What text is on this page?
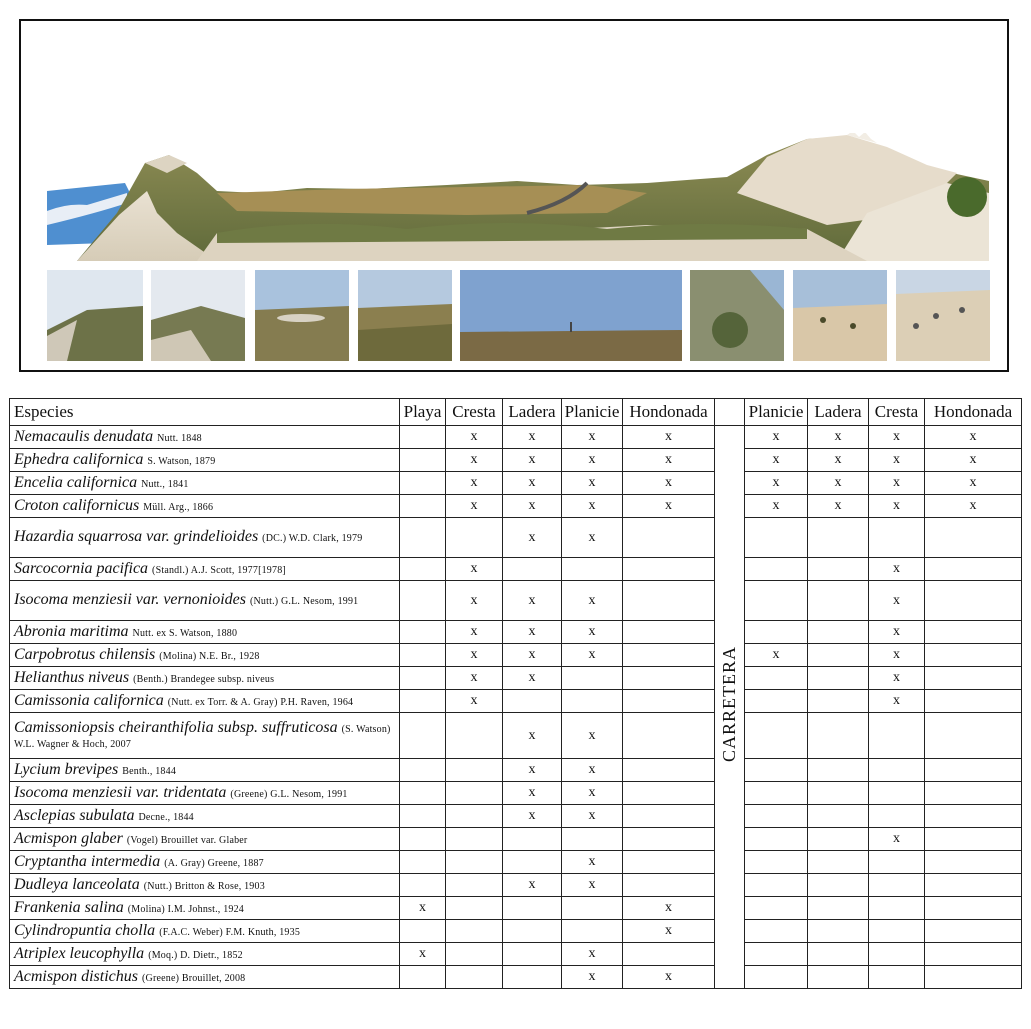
Especies	Playa	Cresta	Ladera	Planicie	Hondonada		Planicie	Ladera	Cresta	Hondonada
Nemacaulis denudata Nutt. 1848		x	x	x	x	CARRETERA	x	x	x	x
Ephedra californica S. Watson, 1879		x	x	x	x		x	x	x	x
Encelia californica Nutt., 1841		x	x	x	x		x	x	x	x
Croton californicus Müll. Arg., 1866		x	x	x	x		x	x	x	x
Hazardia squarrosa var. grindelioides (DC.) W.D. Clark, 1979			x	x						
Sarcocornia pacifica (Standl.) A.J. Scott, 1977[1978]		x							x	
Isocoma menziesii var. vernonioides (Nutt.) G.L. Nesom, 1991		x	x	x					x	
Abronia maritima Nutt. ex S. Watson, 1880		x	x	x					x	
Carpobrotus chilensis (Molina) N.E. Br., 1928		x	x	x			x		x	
Helianthus niveus (Benth.) Brandegee subsp. niveus		x	x						x	
Camissonia californica (Nutt. ex Torr. & A. Gray) P.H. Raven, 1964		x							x	
Camissoniopsis cheiranthifolia subsp. suffruticosa (S. Watson) W.L. Wagner & Hoch, 2007			x	x						
Lycium brevipes Benth., 1844			x	x						
Isocoma menziesii var. tridentata (Greene) G.L. Nesom, 1991			x	x						
Asclepias subulata Decne., 1844			x	x						
Acmispon glaber (Vogel) Brouillet var. Glaber									x	
Cryptantha intermedia (A. Gray) Greene, 1887				x						
Dudleya lanceolata (Nutt.) Britton & Rose, 1903			x	x						
Frankenia salina (Molina) I.M. Johnst., 1924	x				x					
Cylindropuntia cholla (F.A.C. Weber) F.M. Knuth, 1935					x					
Atriplex leucophylla (Moq.) D. Dietr., 1852	x			x						
Acmispon distichus (Greene) Brouillet, 2008				x	x					
